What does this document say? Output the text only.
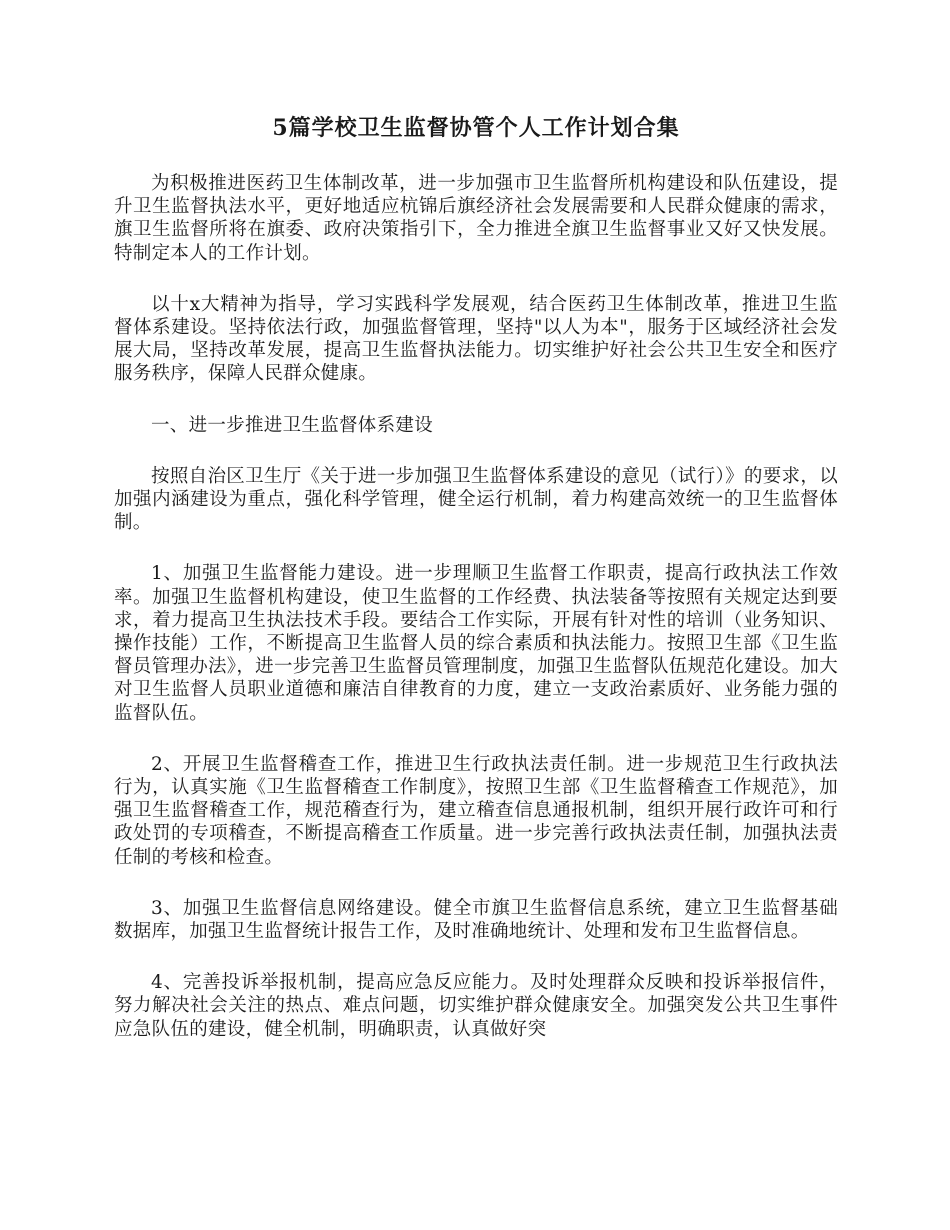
5篇学校卫生监督协管个人工作计划合集

为积极推进医药卫生体制改革，进一步加强市卫生监督所机构建设和队伍建设，提升卫生监督执法水平，更好地适应杭锦后旗经济社会发展需要和人民群众健康的需求，旗卫生监督所将在旗委、政府决策指引下，全力推进全旗卫生监督事业又好又快发展。特制定本人的工作计划。

以十x大精神为指导，学习实践科学发展观，结合医药卫生体制改革，推进卫生监督体系建设。坚持依法行政，加强监督管理，坚持"以人为本"，服务于区域经济社会发展大局，坚持改革发展，提高卫生监督执法能力。切实维护好社会公共卫生安全和医疗服务秩序，保障人民群众健康。

一、进一步推进卫生监督体系建设

按照自治区卫生厅《关于进一步加强卫生监督体系建设的意见（试行）》的要求，以加强内涵建设为重点，强化科学管理，健全运行机制，着力构建高效统一的卫生监督体制。

1、加强卫生监督能力建设。进一步理顺卫生监督工作职责，提高行政执法工作效率。加强卫生监督机构建设，使卫生监督的工作经费、执法装备等按照有关规定达到要求，着力提高卫生执法技术手段。要结合工作实际，开展有针对性的培训（业务知识、操作技能）工作，不断提高卫生监督人员的综合素质和执法能力。按照卫生部《卫生监督员管理办法》，进一步完善卫生监督员管理制度，加强卫生监督队伍规范化建设。加大对卫生监督人员职业道德和廉洁自律教育的力度，建立一支政治素质好、业务能力强的监督队伍。

2、开展卫生监督稽查工作，推进卫生行政执法责任制。进一步规范卫生行政执法行为，认真实施《卫生监督稽查工作制度》，按照卫生部《卫生监督稽查工作规范》，加强卫生监督稽查工作，规范稽查行为，建立稽查信息通报机制，组织开展行政许可和行政处罚的专项稽查，不断提高稽查工作质量。进一步完善行政执法责任制，加强执法责任制的考核和检查。

3、加强卫生监督信息网络建设。健全市旗卫生监督信息系统，建立卫生监督基础数据库，加强卫生监督统计报告工作，及时准确地统计、处理和发布卫生监督信息。

4、完善投诉举报机制，提高应急反应能力。及时处理群众反映和投诉举报信件，努力解决社会关注的热点、难点问题，切实维护群众健康安全。加强突发公共卫生事件应急队伍的建设，健全机制，明确职责，认真做好突
